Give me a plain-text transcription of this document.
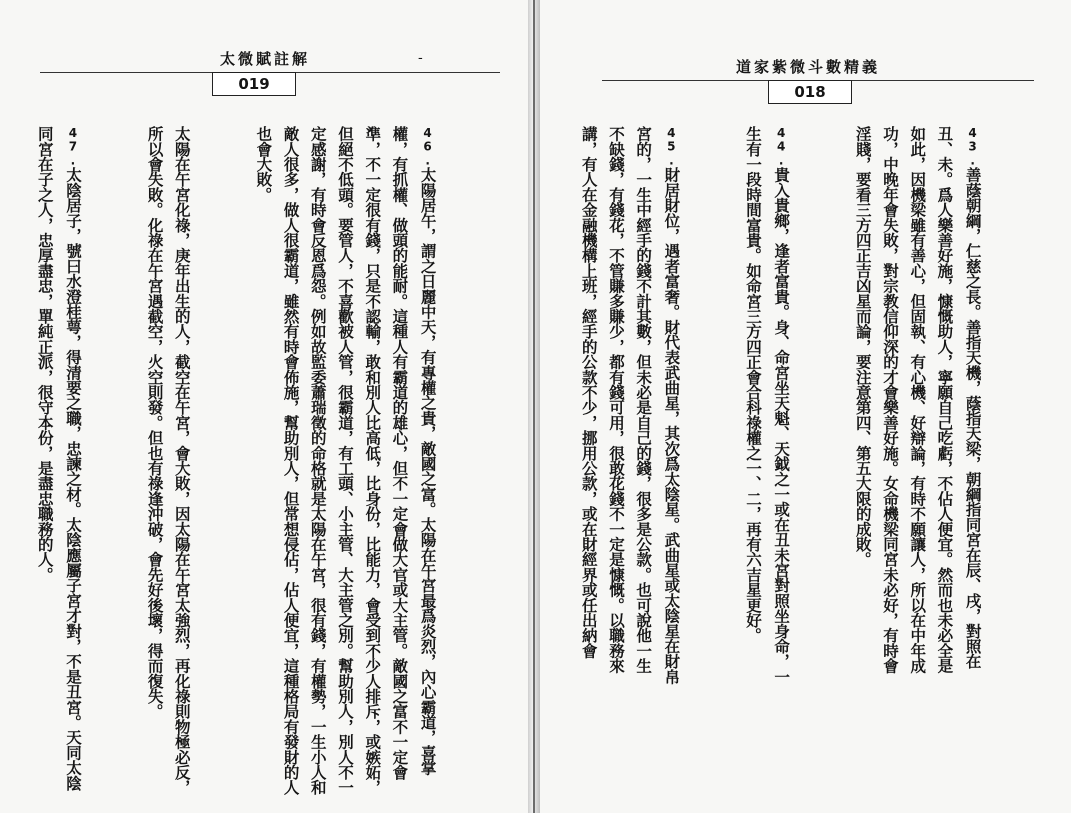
太微賦註解	-
019

46.太陽居午，謂之日麗中天，有專權之貴，敵國之富。太陽在午宮最爲炎烈，內心霸道，喜掌權，有抓權、做頭的能耐。這種人有霸道的雄心，但不一定會做大官或大主管。敵國之富不一定會準，不一定很有錢，只是不認輸，敢和別人比高低，比身份，比能力，會受到不少人排斥，或嫉妬，但絕不低頭。要管人，不喜歡被人管，很霸道，有工頭、小主管、大主管之別。幫助別人，別人不一定感謝，有時會反恩爲怨。例如故監委蕭瑞徵的命格就是太陽在午宮，很有錢，有權勢，一生小人和敵人很多，做人很霸道，雖然有時會佈施，幫助別人，但常想侵佔，佔人便宜，這種格局有發財的人也會大敗。

太陽在午宮化祿，庚年出生的人，截空在午宮，會大敗，因太陽在午宮太強烈，再化祿則物極必反，所以會失敗。化祿在午宮遇截空，火空則發。但也有祿逢沖破，會先好後壞，得而復失。

47.太陰居子，號曰水澄桂萼，得清要之職，忠諫之材。太陰應屬子宮才對，不是丑宮。天同太陰同宮在子之人，忠厚盡忠，單純正派，很守本份，是盡忠職務的人。

道家紫微斗數精義
018

43.善蔭朝綱，仁慈之長。善指天機，蔭指天梁，朝綱指同宮在辰、戌，對照在丑、未。爲人樂善好施，慷慨助人，寧願自己吃虧，不佔人便宜。然而也未必全是如此，因機梁雖有善心，但固執、有心機、好辯論，有時不願讓人，所以在中年成功，中晚年會失敗，對宗教信仰深的才會樂善好施。女命機梁同宮未必好，有時會淫賤，要看三方四正吉凶星而論，要注意第四、第五大限的成敗。

44.貴入貴鄉，逢者富貴。身、命宮坐天魁、天鉞之一或在丑未宮對照坐身命，一生有一段時間富貴。如命宮三方四正會合科祿權之一、二，再有六吉星更好。

45.財居財位，遇者富奢。財代表武曲星，其次爲太陰星。武曲星或太陰星在財帛宮的，一生中經手的錢不計其數，但未必是自己的錢，很多是公款。也可說他一生不缺錢，有錢花，不管賺多賺少，都有錢可用，很敢花錢不一定是慷慨。以職務來講，有人在金融機構上班，經手的公款不少，挪用公款，或在財經界或任出納會
